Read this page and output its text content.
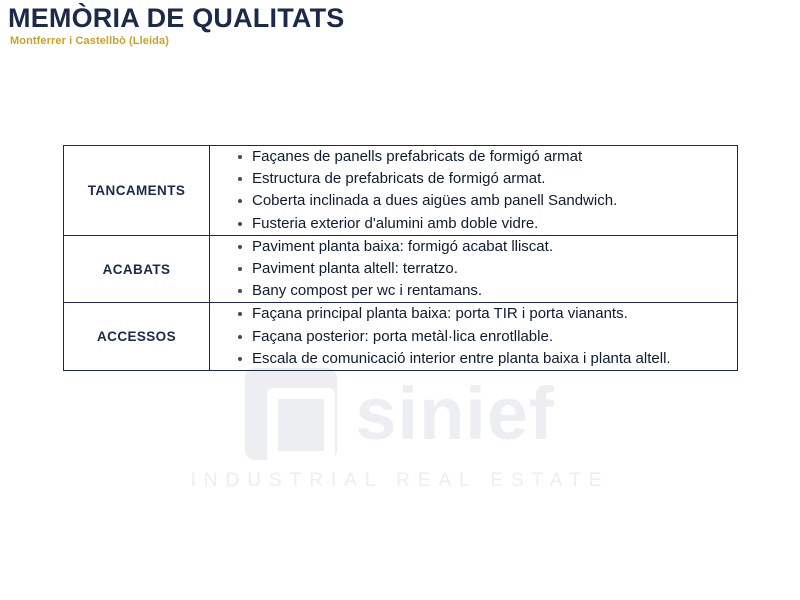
MEMÒRIA DE QUALITATS
Montferrer i Castellbò (Lleida)
sinief
INDUSTRIAL REAL ESTATE
TANCAMENTS	
Façanes de panells prefabricats de formigó armat
Estructura de prefabricats de formigó armat.
Coberta inclinada a dues aigües amb panell Sandwich.
Fusteria exterior d'alumini amb doble vidre.

ACABATS	
Paviment planta baixa: formigó acabat lliscat.
Paviment planta altell: terratzo.
Bany compost per wc i rentamans.

ACCESSOS	
Façana principal planta baixa: porta TIR i porta vianants.
Façana posterior: porta metàl·lica enrotllable.
Escala de comunicació interior entre planta baixa i planta altell.
